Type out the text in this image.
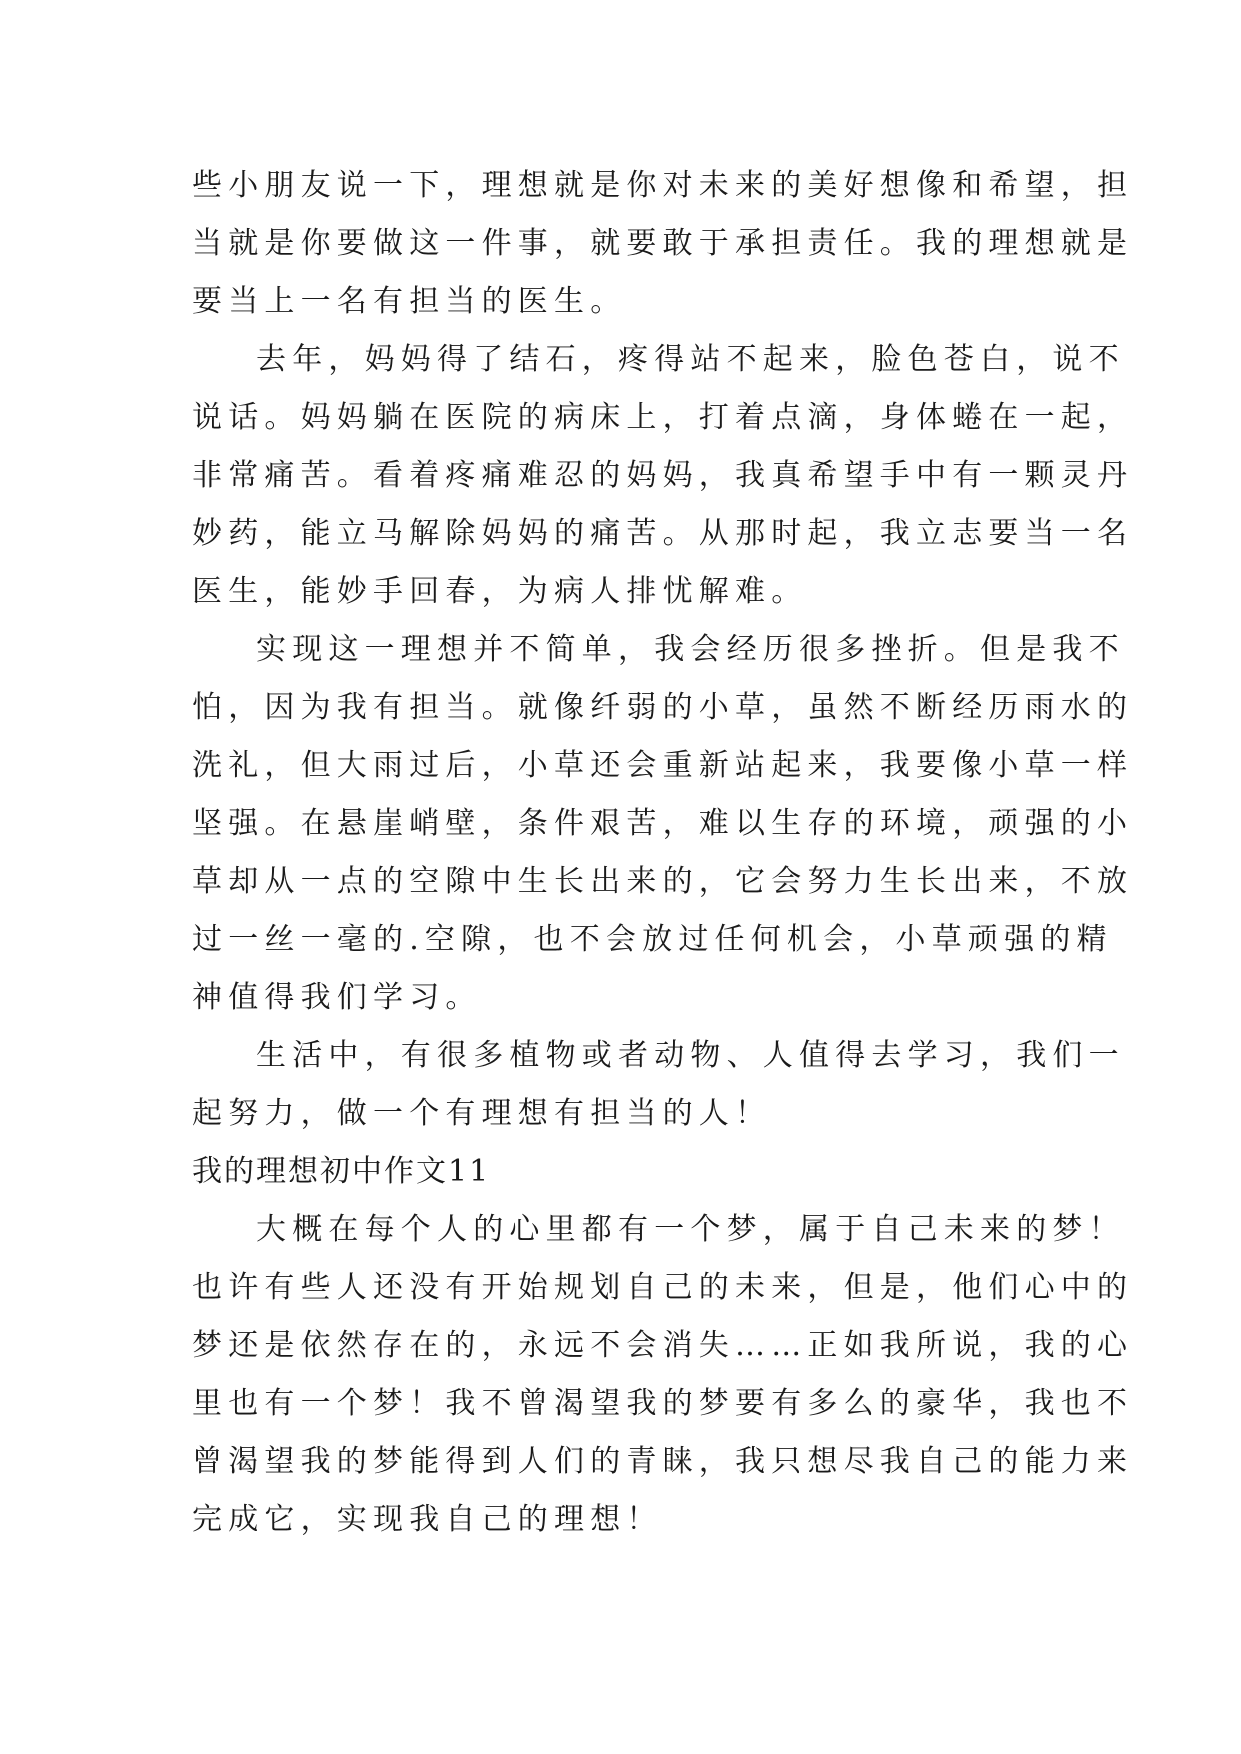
些小朋友说一下，理想就是你对未来的美好想像和希望，担
当就是你要做这一件事，就要敢于承担责任。我的理想就是
要当上一名有担当的医生。
去年，妈妈得了结石，疼得站不起来，脸色苍白，说不
说话。妈妈躺在医院的病床上，打着点滴，身体蜷在一起，
非常痛苦。看着疼痛难忍的妈妈，我真希望手中有一颗灵丹
妙药，能立马解除妈妈的痛苦。从那时起，我立志要当一名
医生，能妙手回春，为病人排忧解难。
实现这一理想并不简单，我会经历很多挫折。但是我不
怕，因为我有担当。就像纤弱的小草，虽然不断经历雨水的
洗礼，但大雨过后，小草还会重新站起来，我要像小草一样
坚强。在悬崖峭壁，条件艰苦，难以生存的环境，顽强的小
草却从一点的空隙中生长出来的，它会努力生长出来，不放
过一丝一毫的.空隙，也不会放过任何机会，小草顽强的精
神值得我们学习。
生活中，有很多植物或者动物、人值得去学习，我们一
起努力，做一个有理想有担当的人！
我的理想初中作文11
大概在每个人的心里都有一个梦，属于自己未来的梦！
也许有些人还没有开始规划自己的未来，但是，他们心中的
梦还是依然存在的，永远不会消失……正如我所说，我的心
里也有一个梦！我不曾渴望我的梦要有多么的豪华，我也不
曾渴望我的梦能得到人们的青睐，我只想尽我自己的能力来
完成它，实现我自己的理想！
